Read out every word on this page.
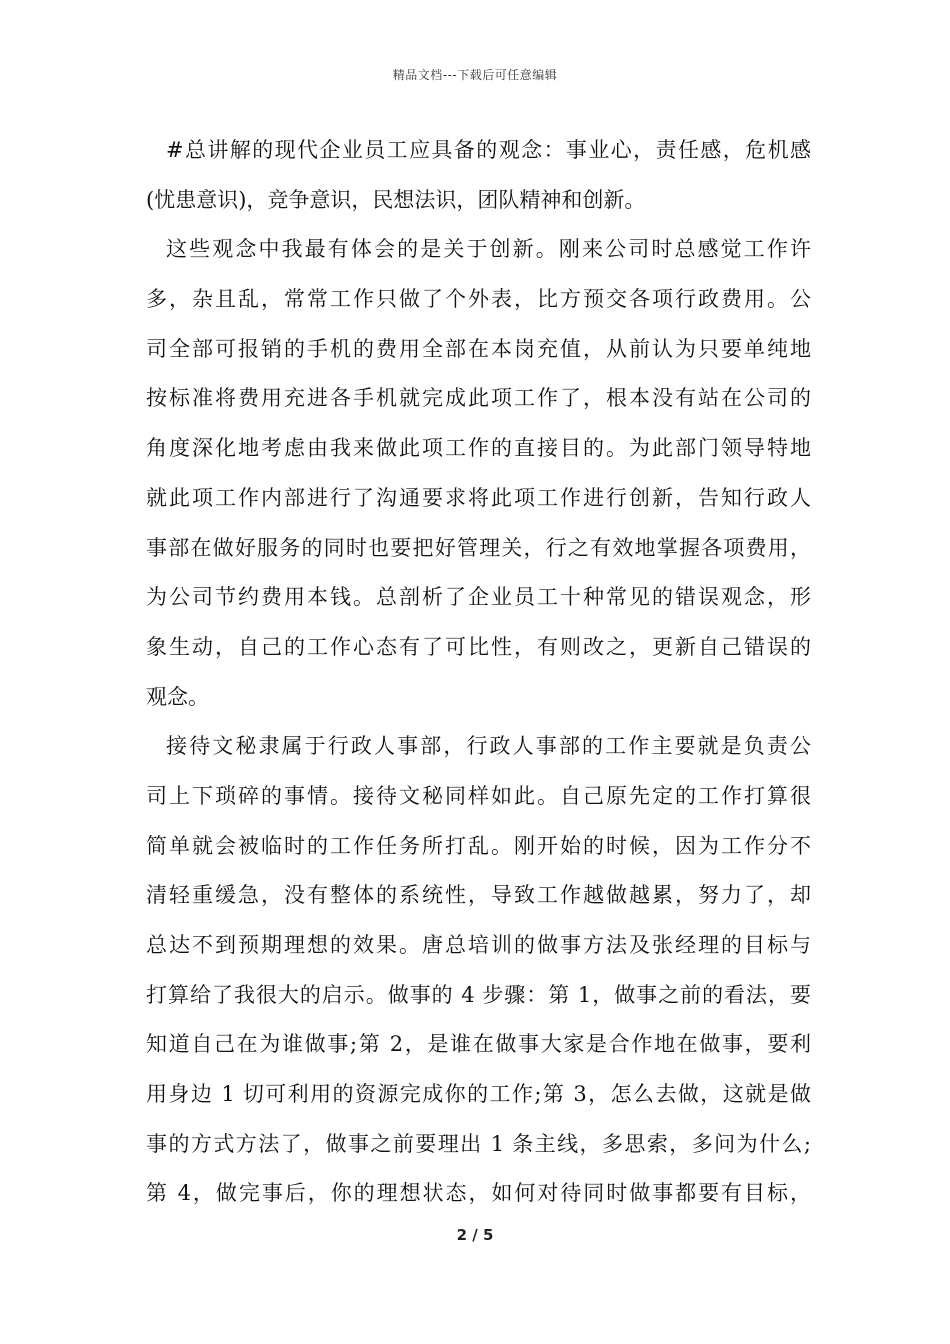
精品文档---下载后可任意编辑
#总讲解的现代企业员工应具备的观念：事业心，责任感，危机感
(忧患意识)，竞争意识，民想法识，团队精神和创新。
这些观念中我最有体会的是关于创新。刚来公司时总感觉工作许
多，杂且乱，常常工作只做了个外表，比方预交各项行政费用。公
司全部可报销的手机的费用全部在本岗充值，从前认为只要单纯地
按标准将费用充进各手机就完成此项工作了，根本没有站在公司的
角度深化地考虑由我来做此项工作的直接目的。为此部门领导特地
就此项工作内部进行了沟通要求将此项工作进行创新，告知行政人
事部在做好服务的同时也要把好管理关，行之有效地掌握各项费用，
为公司节约费用本钱。总剖析了企业员工十种常见的错误观念，形
象生动，自己的工作心态有了可比性，有则改之，更新自己错误的
观念。
接待文秘隶属于行政人事部，行政人事部的工作主要就是负责公
司上下琐碎的事情。接待文秘同样如此。自己原先定的工作打算很
简单就会被临时的工作任务所打乱。刚开始的时候，因为工作分不
清轻重缓急，没有整体的系统性，导致工作越做越累，努力了，却
总达不到预期理想的效果。唐总培训的做事方法及张经理的目标与
打算给了我很大的启示。做事的 4 步骤：第 1，做事之前的看法，要
知道自己在为谁做事;第 2，是谁在做事大家是合作地在做事，要利
用身边 1 切可利用的资源完成你的工作;第 3，怎么去做，这就是做
事的方式方法了，做事之前要理出 1 条主线，多思索，多问为什么;
第 4，做完事后，你的理想状态，如何对待同时做事都要有目标，
2 / 5
